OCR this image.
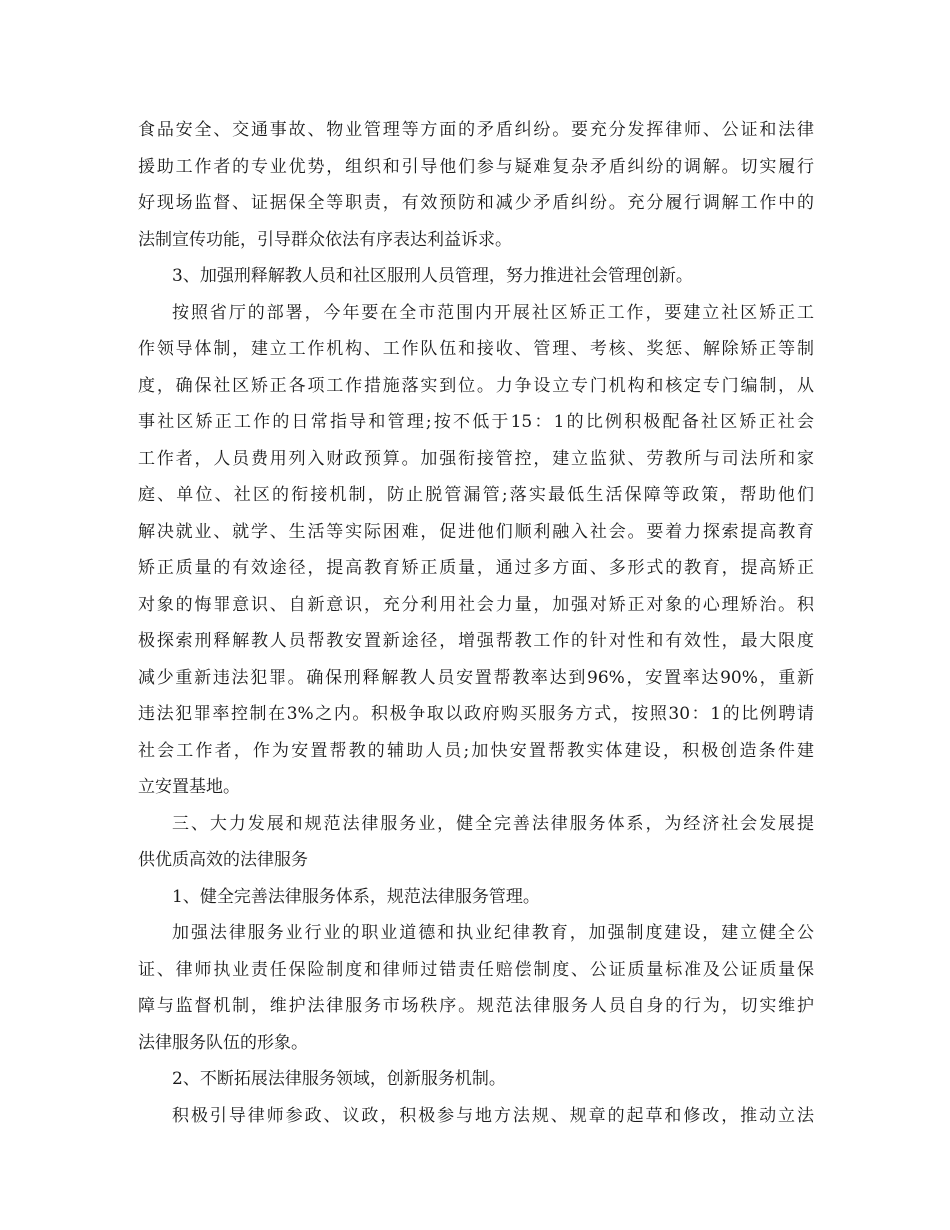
食品安全、交通事故、物业管理等方面的矛盾纠纷。要充分发挥律师、公证和法律
援助工作者的专业优势，组织和引导他们参与疑难复杂矛盾纠纷的调解。切实履行
好现场监督、证据保全等职责，有效预防和减少矛盾纠纷。充分履行调解工作中的
法制宣传功能，引导群众依法有序表达利益诉求。
3、加强刑释解教人员和社区服刑人员管理，努力推进社会管理创新。
按照省厅的部署，今年要在全市范围内开展社区矫正工作，要建立社区矫正工
作领导体制，建立工作机构、工作队伍和接收、管理、考核、奖惩、解除矫正等制
度，确保社区矫正各项工作措施落实到位。力争设立专门机构和核定专门编制，从
事社区矫正工作的日常指导和管理;按不低于15：1的比例积极配备社区矫正社会
工作者，人员费用列入财政预算。加强衔接管控，建立监狱、劳教所与司法所和家
庭、单位、社区的衔接机制，防止脱管漏管;落实最低生活保障等政策，帮助他们
解决就业、就学、生活等实际困难，促进他们顺利融入社会。要着力探索提高教育
矫正质量的有效途径，提高教育矫正质量，通过多方面、多形式的教育，提高矫正
对象的悔罪意识、自新意识，充分利用社会力量，加强对矫正对象的心理矫治。积
极探索刑释解教人员帮教安置新途径，增强帮教工作的针对性和有效性，最大限度
减少重新违法犯罪。确保刑释解教人员安置帮教率达到96%，安置率达90%，重新
违法犯罪率控制在3%之内。积极争取以政府购买服务方式，按照30：1的比例聘请
社会工作者，作为安置帮教的辅助人员;加快安置帮教实体建设，积极创造条件建
立安置基地。
三、大力发展和规范法律服务业，健全完善法律服务体系，为经济社会发展提
供优质高效的法律服务
1、健全完善法律服务体系，规范法律服务管理。
加强法律服务业行业的职业道德和执业纪律教育，加强制度建设，建立健全公
证、律师执业责任保险制度和律师过错责任赔偿制度、公证质量标准及公证质量保
障与监督机制，维护法律服务市场秩序。规范法律服务人员自身的行为，切实维护
法律服务队伍的形象。
2、不断拓展法律服务领域，创新服务机制。
积极引导律师参政、议政，积极参与地方法规、规章的起草和修改，推动立法
